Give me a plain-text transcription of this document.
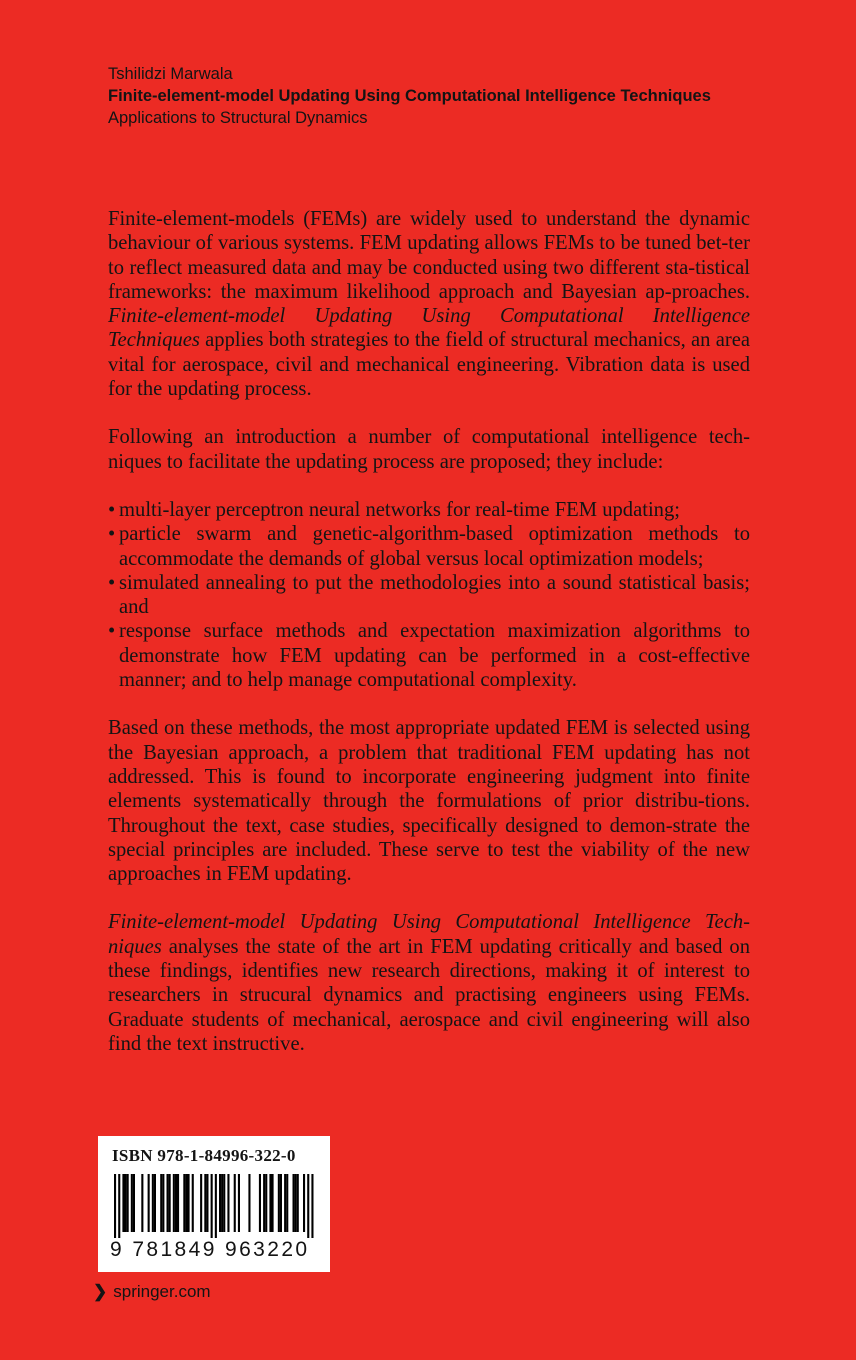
Tshilidzi Marwala
Finite-element-model Updating Using Computational Intelligence Techniques
Applications to Structural Dynamics

Finite-element-models (FEMs) are widely used to understand the dynamic behaviour of various systems. FEM updating allows FEMs to be tuned bet-ter to reflect measured data and may be conducted using two different sta-tistical frameworks: the maximum likelihood approach and Bayesian ap-proaches. Finite-element-model Updating Using Computational Intelligence Techniques applies both strategies to the field of structural mechanics, an area vital for aerospace, civil and mechanical engineering. Vibration data is used for the updating process.

Following an introduction a number of computational intelligence tech-niques to facilitate the updating process are proposed; they include:

• multi-layer perceptron neural networks for real-time FEM updating;
• particle swarm and genetic-algorithm-based optimization methods to accommodate the demands of global versus local optimization models;
• simulated annealing to put the methodologies into a sound statistical basis; and
• response surface methods and expectation maximization algorithms to demonstrate how FEM updating can be performed in a cost-effective manner; and to help manage computational complexity.

Based on these methods, the most appropriate updated FEM is selected using the Bayesian approach, a problem that traditional FEM updating has not addressed. This is found to incorporate engineering judgment into finite elements systematically through the formulations of prior distribu-tions. Throughout the text, case studies, specifically designed to demon-strate the special principles are included. These serve to test the viability of the new approaches in FEM updating.

Finite-element-model Updating Using Computational Intelligence Tech-niques analyses the state of the art in FEM updating critically and based on these findings, identifies new research directions, making it of interest to researchers in strucural dynamics and practising engineers using FEMs. Graduate students of mechanical, aerospace and civil engineering will also find the text instructive.

ISBN 978-1-84996-322-0
9 781849 963220
❯ springer.com
